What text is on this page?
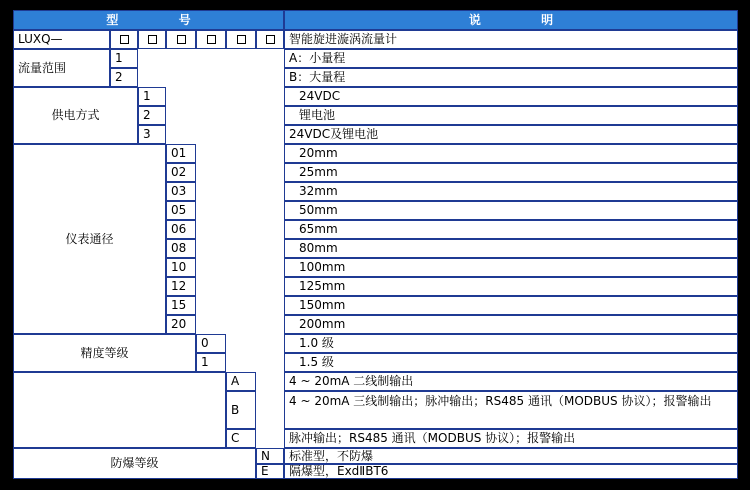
型 号	说 明
LUXQ—	智能旋进漩涡流量计
流量范围
1
2
A：小量程
B：大量程
供电方式
1
2
3
24VDC
锂电池
24VDC及锂电池
仪表通径
01
02
03
05
06
08
10
12
15
20
20mm
25mm
32mm
50mm
65mm
80mm
100mm
125mm
150mm
200mm
精度等级
0
1
1.0 级
1.5 级
A
B
C
4 ~ 20mA 二线制输出
4 ~ 20mA 三线制输出；脉冲输出；RS485 通讯（MODBUS 协议）；报警输出
脉冲输出；RS485 通讯（MODBUS 协议）；报警输出
防爆等级
N
E
标准型，不防爆
隔爆型，ExdⅡBT6
